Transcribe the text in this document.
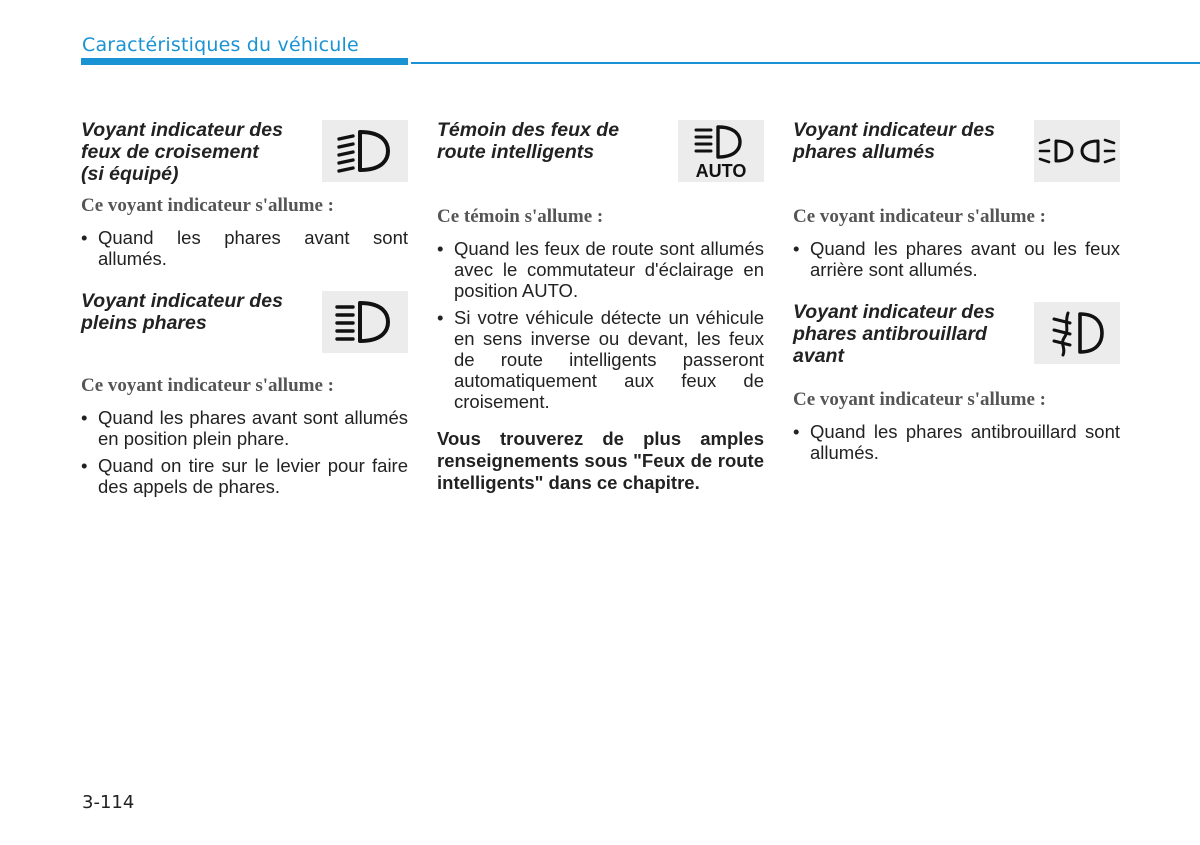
Caractéristiques du véhicule
Voyant indicateur des
feux de croisement
(si équipé)
Ce voyant indicateur s'allume :
• Quand les phares avant sont allumés.
Voyant indicateur des
pleins phares
Ce voyant indicateur s'allume :
• Quand les phares avant sont allumés en position plein phare.
• Quand on tire sur le levier pour faire des appels de phares.
Témoin des feux de
route intelligents
AUTO
Ce témoin s'allume :
• Quand les feux de route sont allumés avec le commutateur d'éclairage en position AUTO.
• Si votre véhicule détecte un véhicule en sens inverse ou devant, les feux de route intelligents passeront automatiquement aux feux de croisement.
Vous trouverez de plus amples renseignements sous "Feux de route intelligents" dans ce chapitre.
Voyant indicateur des
phares allumés
Ce voyant indicateur s'allume :
• Quand les phares avant ou les feux arrière sont allumés.
Voyant indicateur des
phares antibrouillard
avant
Ce voyant indicateur s'allume :
• Quand les phares antibrouillard sont allumés.
3-114
